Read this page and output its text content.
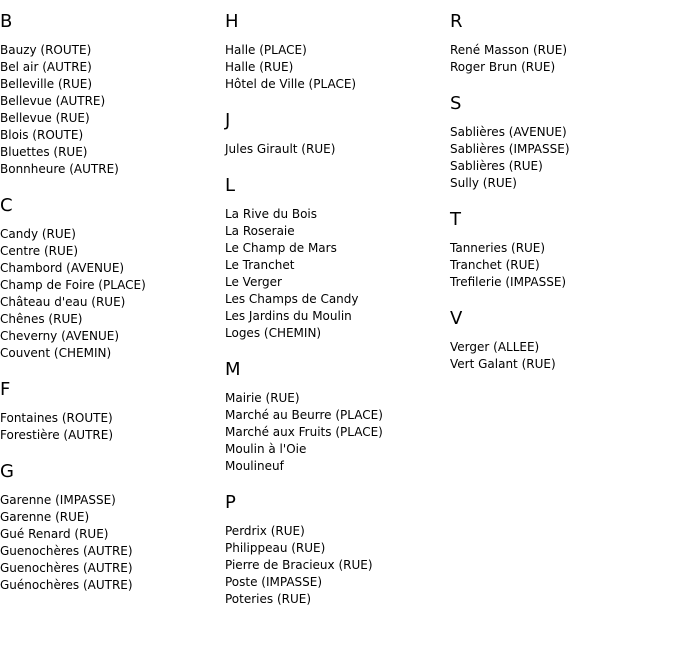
B
Bauzy (ROUTE)
Bel air (AUTRE)
Belleville (RUE)
Bellevue (AUTRE)
Bellevue (RUE)
Blois (ROUTE)
Bluettes (RUE)
Bonnheure (AUTRE)
C
Candy (RUE)
Centre (RUE)
Chambord (AVENUE)
Champ de Foire (PLACE)
Château d'eau (RUE)
Chênes (RUE)
Cheverny (AVENUE)
Couvent (CHEMIN)
F
Fontaines (ROUTE)
Forestière (AUTRE)
G
Garenne (IMPASSE)
Garenne (RUE)
Gué Renard (RUE)
Guenochères (AUTRE)
Guenochères (AUTRE)
Guénochères (AUTRE)
H
Halle (PLACE)
Halle (RUE)
Hôtel de Ville (PLACE)
J
Jules Girault (RUE)
L
La Rive du Bois
La Roseraie
Le Champ de Mars
Le Tranchet
Le Verger
Les Champs de Candy
Les Jardins du Moulin
Loges (CHEMIN)
M
Mairie (RUE)
Marché au Beurre (PLACE)
Marché aux Fruits (PLACE)
Moulin à l'Oie
Moulineuf
P
Perdrix (RUE)
Philippeau (RUE)
Pierre de Bracieux (RUE)
Poste (IMPASSE)
Poteries (RUE)
R
René Masson (RUE)
Roger Brun (RUE)
S
Sablières (AVENUE)
Sablières (IMPASSE)
Sablières (RUE)
Sully (RUE)
T
Tanneries (RUE)
Tranchet (RUE)
Trefilerie (IMPASSE)
V
Verger (ALLEE)
Vert Galant (RUE)
